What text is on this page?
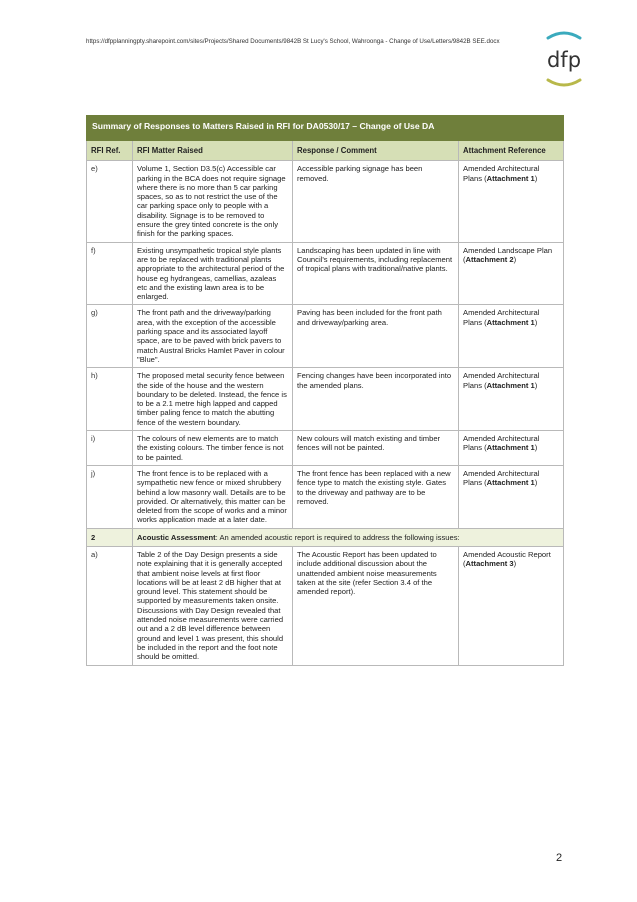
https://dfpplanningpty.sharepoint.com/sites/Projects/Shared Documents/9842B St Lucy's School, Wahroonga - Change of Use/Letters/9842B SEE.docx
dfp
Summary of Responses to Matters Raised in RFI for DA0530/17 – Change of Use DA			
RFI Ref.	RFI Matter Raised	Response / Comment	Attachment Reference
e)	Volume 1, Section D3.5(c) Accessible car parking in the BCA does not require signage where there is no more than 5 car parking spaces, so as to not restrict the use of the car parking space only to people with a disability. Signage is to be removed to ensure the grey tinted concrete is the only finish for the parking spaces.	Accessible parking signage has been removed.	Amended Architectural Plans (Attachment 1)
f)	Existing unsympathetic tropical style plants are to be replaced with traditional plants appropriate to the architectural period of the house eg hydrangeas, camellias, azaleas etc and the existing lawn area is to be enlarged.	Landscaping has been updated in line with Council's requirements, including replacement of tropical plans with traditional/native plants.	Amended Landscape Plan (Attachment 2)
g)	The front path and the driveway/parking area, with the exception of the accessible parking space and its associated layoff space, are to be paved with brick pavers to match Austral Bricks Hamlet Paver in colour "Blue".	Paving has been included for the front path and driveway/parking area.	Amended Architectural Plans (Attachment 1)
h)	The proposed metal security fence between the side of the house and the western boundary to be deleted. Instead, the fence is to be a 2.1 metre high lapped and capped timber paling fence to match the abutting fence of the western boundary.	Fencing changes have been incorporated into the amended plans.	Amended Architectural Plans (Attachment 1)
i)	The colours of new elements are to match the existing colours. The timber fence is not to be painted.	New colours will match existing and timber fences will not be painted.	Amended Architectural Plans (Attachment 1)
j)	The front fence is to be replaced with a sympathetic new fence or mixed shrubbery behind a low masonry wall. Details are to be provided. Or alternatively, this matter can be deleted from the scope of works and a minor works application made at a later date.	The front fence has been replaced with a new fence type to match the existing style. Gates to the driveway and pathway are to be removed.	Amended Architectural Plans (Attachment 1)
2	Acoustic Assessment: An amended acoustic report is required to address the following issues:		
a)	Table 2 of the Day Design presents a side note explaining that it is generally accepted that ambient noise levels at first floor locations will be at least 2 dB higher that at ground level. This statement should be supported by measurements taken onsite. Discussions with Day Design revealed that attended noise measurements were carried out and a 2 dB level difference between ground and level 1 was present, this should be included in the report and the foot note should be omitted.	The Acoustic Report has been updated to include additional discussion about the unattended ambient noise measurements taken at the site (refer Section 3.4 of the amended report).	Amended Acoustic Report (Attachment 3)
2
